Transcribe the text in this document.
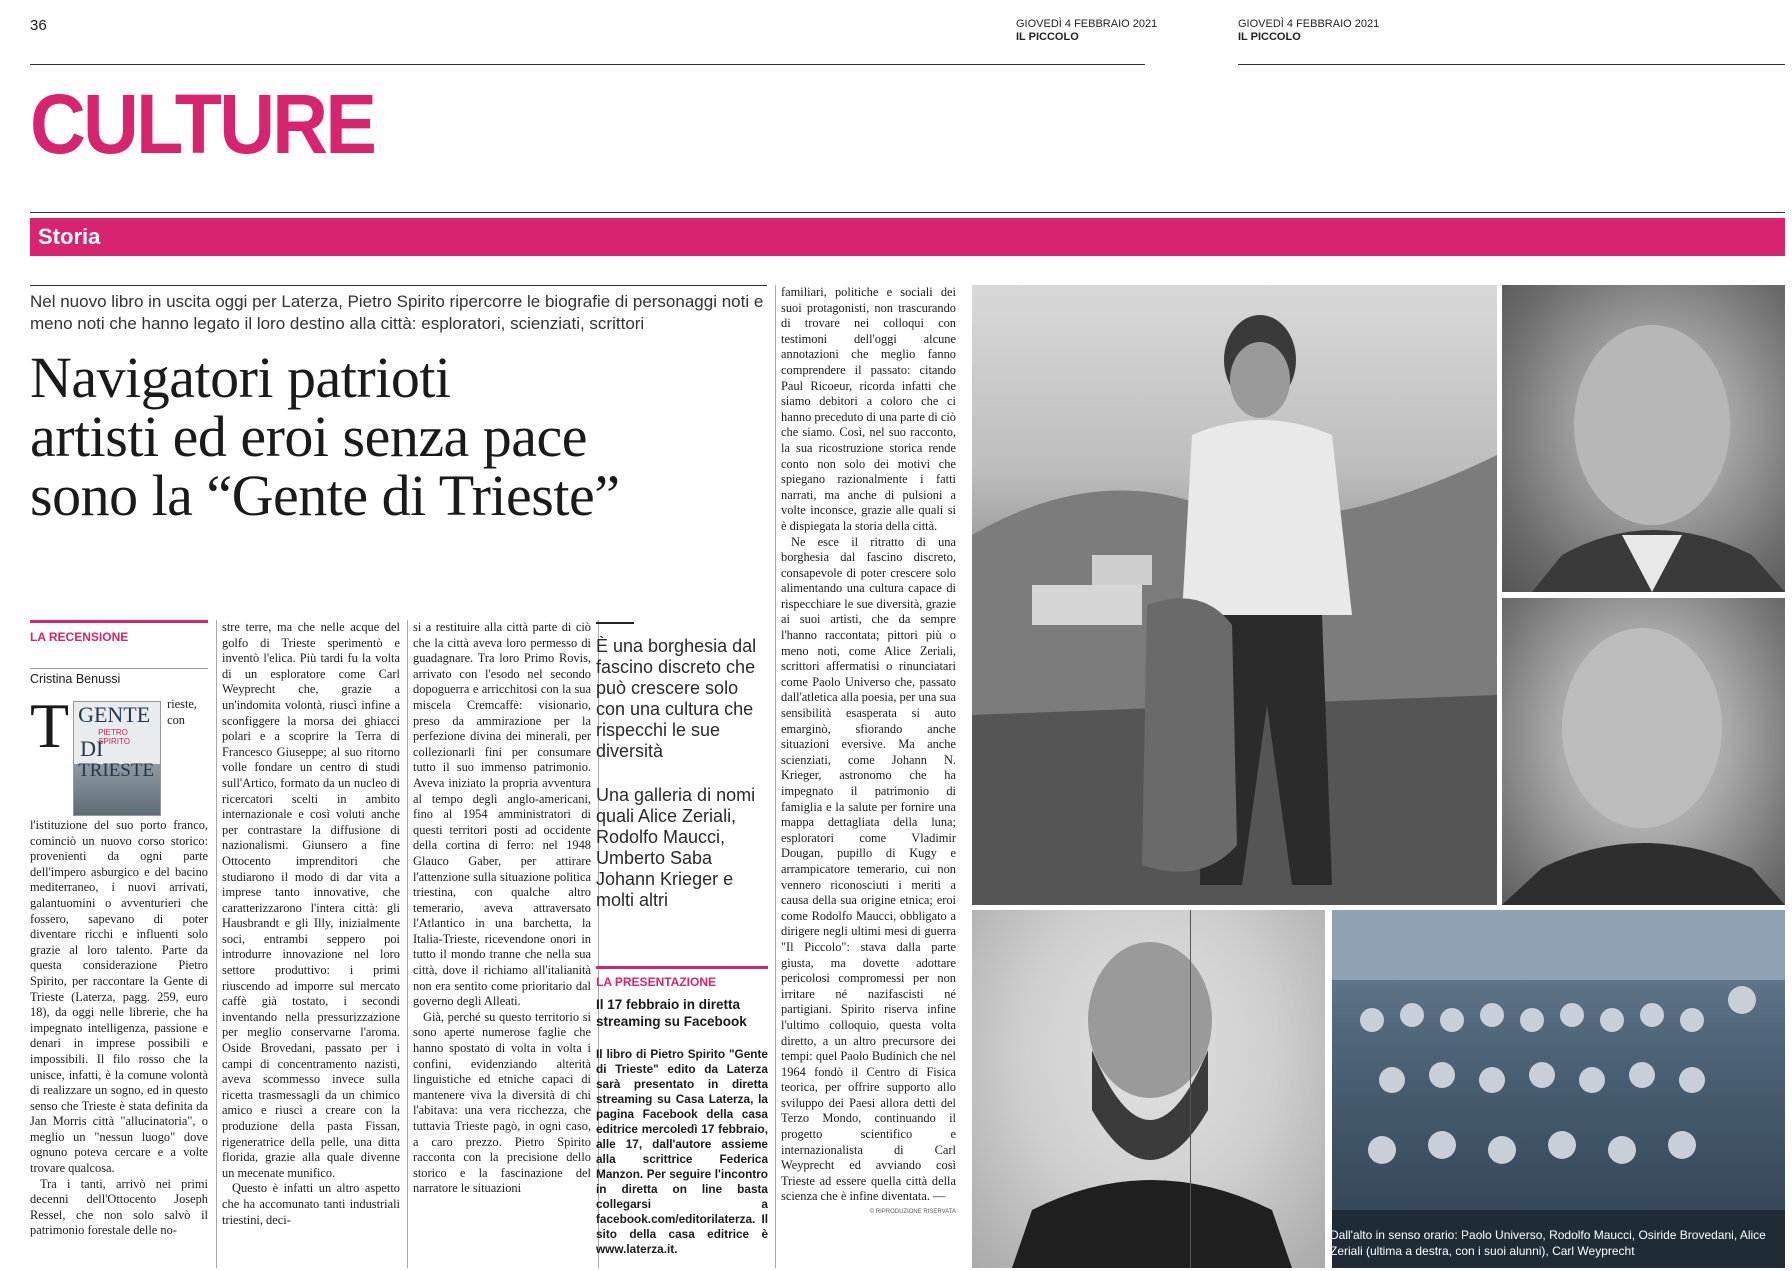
36	GIOVEDÌ 4 FEBBRAIO 2021
IL PICCOLO
GIOVEDÌ 4 FEBBRAIO 2021
IL PICCOLO
CULTURE
Storia
Nel nuovo libro in uscita oggi per Laterza, Pietro Spirito ripercorre le biografie di personaggi noti e meno noti che hanno legato il loro destino alla città: esploratori, scienziati, scrittori
Navigatori patrioti
artisti ed eroi senza pace
sono la “Gente di Trieste”
LA RECENSIONE
Cristina Benussi

T GENTE
PIETRO SPIRITO
DI
TRIESTE
rieste, con l'istituzione del suo porto franco, cominciò un nuovo corso storico: provenienti da ogni parte dell'impero asburgico e del bacino mediterraneo, i nuovi arrivati, galantuomini o avventurieri che fossero, sapevano di poter diventare ricchi e influenti solo grazie al loro talento. Parte da questa considerazione Pietro Spirito, per raccontare la Gente di Trieste (Laterza, pagg. 259, euro 18), da oggi nelle librerie, che ha impegnato intelligenza, passione e denari in imprese possibili e impossibili. Il filo rosso che la unisce, infatti, è la comune volontà di realizzare un sogno, ed in questo senso che Trieste è stata definita da Jan Morris città "allucinatoria", o meglio un "nessun luogo" dove ognuno poteva cercare e a volte trovare qualcosa.

Tra i tanti, arrivò nei primi decenni dell'Ottocento Joseph Ressel, che non solo salvò il patrimonio forestale delle no-

stre terre, ma che nelle acque del golfo di Trieste sperimentò e inventò l'elica. Più tardi fu la volta di un esploratore come Carl Weyprecht che, grazie a un'indomita volontà, riuscì infine a sconfiggere la morsa dei ghiacci polari e a scoprire la Terra di Francesco Giuseppe; al suo ritorno volle fondare un centro di studi sull'Artico, formato da un nucleo di ricercatori scelti in ambito internazionale e così voluti anche per contrastare la diffusione di nazionalismi. Giunsero a fine Ottocento imprenditori che studiarono il modo di dar vita a imprese tanto innovative, che caratterizzarono l'intera città: gli Hausbrandt e gli Illy, inizialmente soci, entrambi seppero poi introdurre innovazione nel loro settore produttivo: i primi riuscendo ad imporre sul mercato caffè già tostato, i secondi inventando nella pressurizzazione per meglio conservarne l'aroma. Oside Brovedani, passato per i campi di concentramento nazisti, aveva scommesso invece sulla ricetta trasmessagli da un chimico amico e riuscì a creare con la produzione della pasta Fissan, rigeneratrice della pelle, una ditta florida, grazie alla quale divenne un mecenate munifico.

Questo è infatti un altro aspetto che ha accomunato tanti industriali triestini, deci-

si a restituire alla città parte di ciò che la città aveva loro permesso di guadagnare. Tra loro Primo Rovis, arrivato con l'esodo nel secondo dopoguerra e arricchitosi con la sua miscela Cremcaffè: visionario, preso da ammirazione per la perfezione divina dei minerali, per collezionarli fini per consumare tutto il suo immenso patrimonio. Aveva iniziato la propria avventura al tempo degli anglo-americani, fino al 1954 amministratori di questi territori posti ad occidente della cortina di ferro: nel 1948 Glauco Gaber, per attirare l'attenzione sulla situazione politica triestina, con qualche altro temerario, aveva attraversato l'Atlantico in una barchetta, la Italia-Trieste, ricevendone onori in tutto il mondo tranne che nella sua città, dove il richiamo all'italianità non era sentito come prioritario dal governo degli Alleati.

Già, perché su questo territorio si sono aperte numerose faglie che hanno spostato di volta in volta i confini, evidenziando alterità linguistiche ed etniche capaci di mantenere viva la diversità di chi l'abitava: una vera ricchezza, che tuttavia Trieste pagò, in ogni caso, a caro prezzo. Pietro Spirito racconta con la precisione dello storico e la fascinazione del narratore le situazioni

È una borghesia dal fascino discreto che può crescere solo con una cultura che rispecchi le sue diversità
Una galleria di nomi quali Alice Zeriali, Rodolfo Maucci, Umberto Saba Johann Krieger e molti altri
LA PRESENTAZIONE
Il 17 febbraio in diretta streaming su Facebook
Il libro di Pietro Spirito "Gente di Trieste" edito da Laterza sarà presentato in diretta streaming su Casa Laterza, la pagina Facebook della casa editrice mercoledì 17 febbraio, alle 17, dall'autore assieme alla scrittrice Federica Manzon. Per seguire l'incontro in diretta on line basta collegarsi a facebook.com/editorilaterza. Il sito della casa editrice è www.laterza.it.

familiari, politiche e sociali dei suoi protagonisti, non trascurando di trovare nei colloqui con testimoni dell'oggi alcune annotazioni che meglio fanno comprendere il passato: citando Paul Ricoeur, ricorda infatti che siamo debitori a coloro che ci hanno preceduto di una parte di ciò che siamo. Così, nel suo racconto, la sua ricostruzione storica rende conto non solo dei motivi che spiegano razionalmente i fatti narrati, ma anche di pulsioni a volte inconsce, grazie alle quali si è dispiegata la storia della città.

Ne esce il ritratto di una borghesia dal fascino discreto, consapevole di poter crescere solo alimentando una cultura capace di rispecchiare le sue diversità, grazie ai suoi artisti, che da sempre l'hanno raccontata; pittori più o meno noti, come Alice Zeriali, scrittori affermatisi o rinunciatari come Paolo Universo che, passato dall'atletica alla poesia, per una sua sensibilità esasperata si auto emarginò, sfiorando anche situazioni eversive. Ma anche scienziati, come Johann N. Krieger, astronomo che ha impegnato il patrimonio di famiglia e la salute per fornire una mappa dettagliata della luna; esploratori come Vladimir Dougan, pupillo di Kugy e arrampicatore temerario, cui non vennero riconosciuti i meriti a causa della sua origine etnica; eroi come Rodolfo Maucci, obbligato a dirigere negli ultimi mesi di guerra "Il Piccolo": stava dalla parte giusta, ma dovette adottare pericolosi compromessi per non irritare né nazifascisti né partigiani. Spirito riserva infine l'ultimo colloquio, questa volta diretto, a un altro precursore dei tempi: quel Paolo Budinich che nel 1964 fondò il Centro di Fisica teorica, per offrire supporto allo sviluppo dei Paesi allora detti del Terzo Mondo, continuando il progetto scientifico e internazionalista di Carl Weyprecht ed avviando così Trieste ad essere quella città della scienza che è infine diventata. —

© RIPRODUZIONE RISERVATA
Dall'alto in senso orario: Paolo Universo, Rodolfo Maucci, Osiride Brovedani, Alice Zeriali (ultima a destra, con i suoi alunni), Carl Weyprecht
